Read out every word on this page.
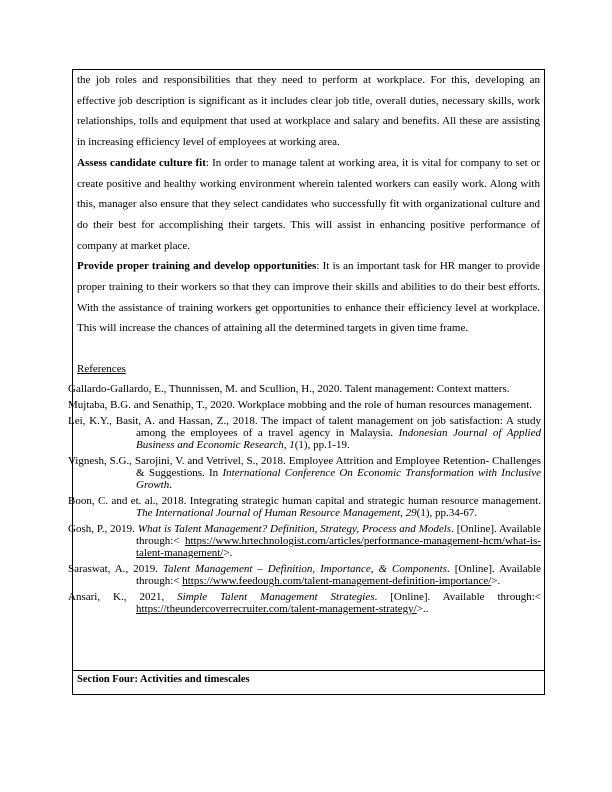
the job roles and responsibilities that they need to perform at workplace. For this, developing an effective job description is significant as it includes clear job title, overall duties, necessary skills, work relationships, tolls and equipment that used at workplace and salary and benefits. All these are assisting in increasing efficiency level of employees at working area.

Assess candidate culture fit: In order to manage talent at working area, it is vital for company to set or create positive and healthy working environment wherein talented workers can easily work. Along with this, manager also ensure that they select candidates who successfully fit with organizational culture and do their best for accomplishing their targets. This will assist in enhancing positive performance of company at market place.

Provide proper training and develop opportunities: It is an important task for HR manger to provide proper training to their workers so that they can improve their skills and abilities to do their best efforts. With the assistance of training workers get opportunities to enhance their efficiency level at workplace. This will increase the chances of attaining all the determined targets in given time frame.

References
Gallardo-Gallardo, E., Thunnissen, M. and Scullion, H., 2020. Talent management: Context matters.
Mujtaba, B.G. and Senathip, T., 2020. Workplace mobbing and the role of human resources management.
Lei, K.Y., Basit, A. and Hassan, Z., 2018. The impact of talent management on job satisfaction: A study among the employees of a travel agency in Malaysia. Indonesian Journal of Applied Business and Economic Research, 1(1), pp.1-19.
Vignesh, S.G., Sarojini, V. and Vetrivel, S., 2018. Employee Attrition and Employee Retention- Challenges & Suggestions. In International Conference On Economic Transformation with Inclusive Growth.
Boon, C. and et. al., 2018. Integrating strategic human capital and strategic human resource management. The International Journal of Human Resource Management, 29(1), pp.34-67.
Gosh, P., 2019. What is Talent Management? Definition, Strategy, Process and Models. [Online]. Available through:< https://www.hrtechnologist.com/articles/performance-management-hcm/what-is-talent-management/>.
Saraswat, A., 2019. Talent Management – Definition, Importance, & Components. [Online]. Available through:< https://www.feedough.com/talent-management-definition-importance/>.
Ansari, K., 2021, Simple Talent Management Strategies. [Online]. Available through:< https://theundercoverrecruiter.com/talent-management-strategy/>..
Section Four: Activities and timescales
